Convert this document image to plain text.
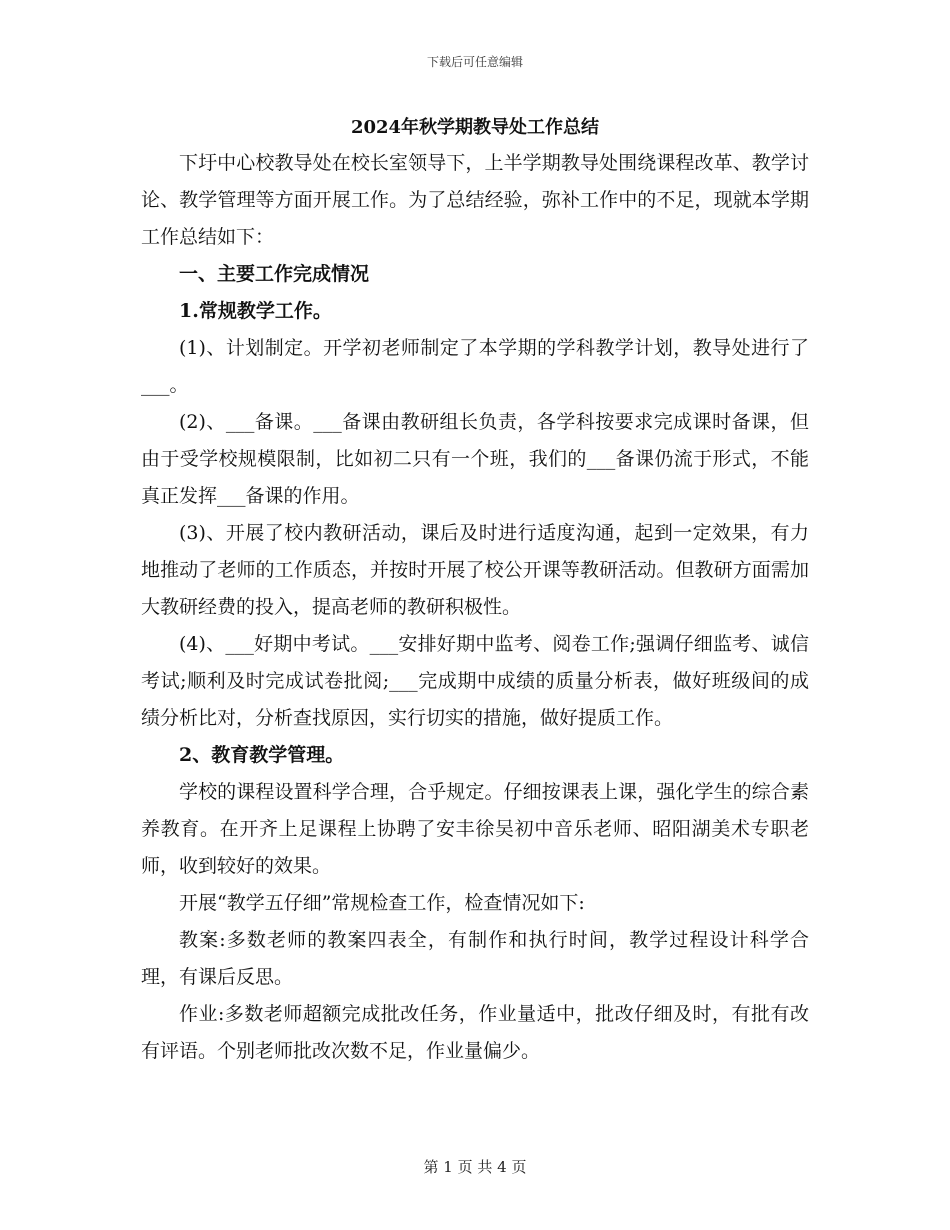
下载后可任意编辑
2024年秋学期教导处工作总结

下圩中心校教导处在校长室领导下，上半学期教导处围绕课程改革、教学讨论、教学管理等方面开展工作。为了总结经验，弥补工作中的不足，现就本学期工作总结如下：

一、主要工作完成情况

1.常规教学工作。

(1)、计划制定。开学初老师制定了本学期的学科教学计划，教导处进行了___。

(2)、___备课。___备课由教研组长负责，各学科按要求完成课时备课，但由于受学校规模限制，比如初二只有一个班，我们的___备课仍流于形式，不能真正发挥___备课的作用。

(3)、开展了校内教研活动，课后及时进行适度沟通，起到一定效果，有力地推动了老师的工作质态，并按时开展了校公开课等教研活动。但教研方面需加大教研经费的投入，提高老师的教研积极性。

(4)、___好期中考试。___安排好期中监考、阅卷工作;强调仔细监考、诚信考试;顺利及时完成试卷批阅;___完成期中成绩的质量分析表，做好班级间的成绩分析比对，分析查找原因，实行切实的措施，做好提质工作。

2、教育教学管理。

学校的课程设置科学合理，合乎规定。仔细按课表上课，强化学生的综合素养教育。在开齐上足课程上协聘了安丰徐吴初中音乐老师、昭阳湖美术专职老师，收到较好的效果。

开展“教学五仔细”常规检查工作，检查情况如下:

教案:多数老师的教案四表全，有制作和执行时间，教学过程设计科学合理，有课后反思。

作业:多数老师超额完成批改任务，作业量适中，批改仔细及时，有批有改有评语。个别老师批改次数不足，作业量偏少。

第 1 页 共 4 页
